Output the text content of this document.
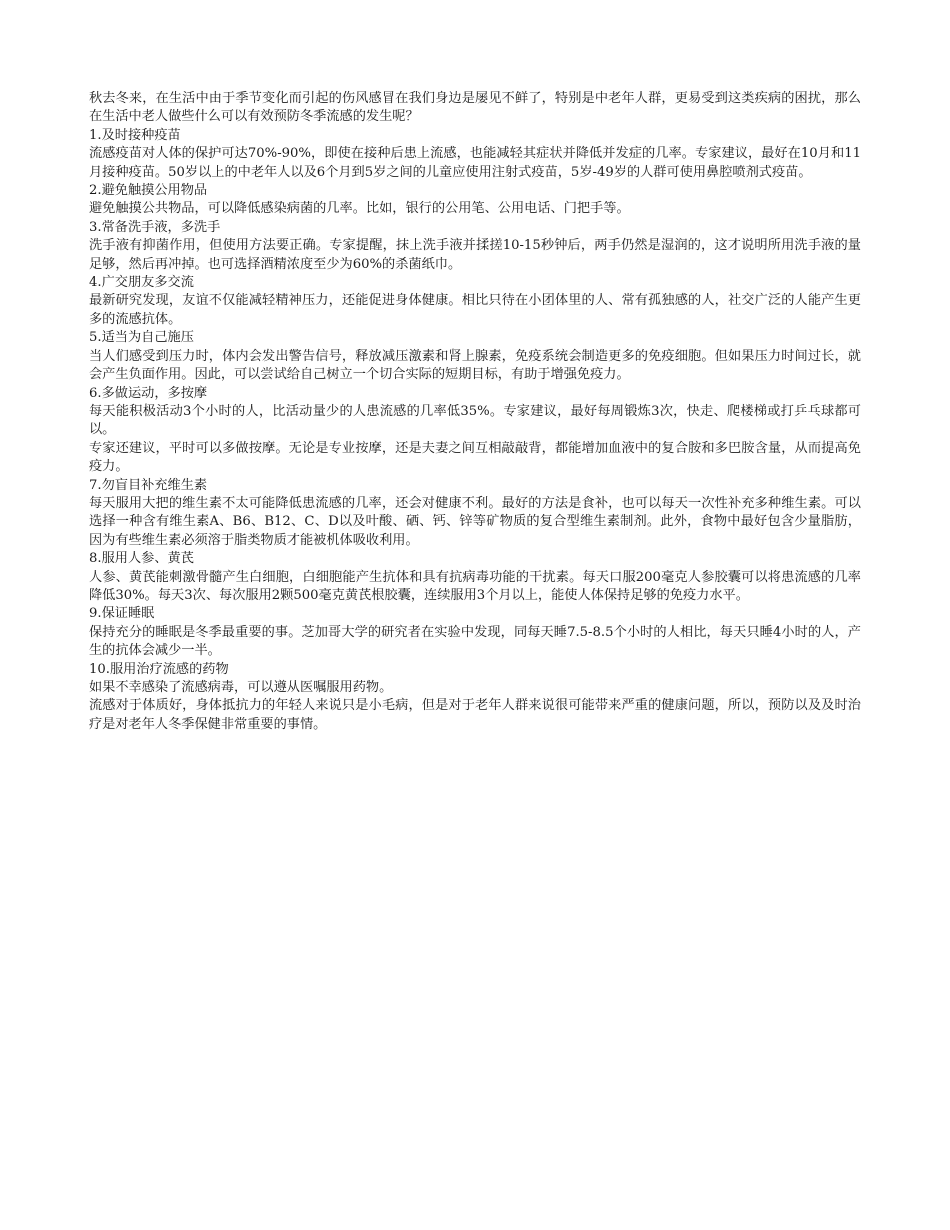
秋去冬来，在生活中由于季节变化而引起的伤风感冒在我们身边是屡见不鲜了，特别是中老年人群，更易受到这类疾病的困扰，那么在生活中老人做些什么可以有效预防冬季流感的发生呢？

1.及时接种疫苗

流感疫苗对人体的保护可达70%-90%，即使在接种后患上流感，也能减轻其症状并降低并发症的几率。专家建议，最好在10月和11月接种疫苗。50岁以上的中老年人以及6个月到5岁之间的儿童应使用注射式疫苗，5岁-49岁的人群可使用鼻腔喷剂式疫苗。

2.避免触摸公用物品

避免触摸公共物品，可以降低感染病菌的几率。比如，银行的公用笔、公用电话、门把手等。

3.常备洗手液，多洗手

洗手液有抑菌作用，但使用方法要正确。专家提醒，抹上洗手液并揉搓10-15秒钟后，两手仍然是湿润的，这才说明所用洗手液的量足够，然后再冲掉。也可选择酒精浓度至少为60%的杀菌纸巾。

4.广交朋友多交流

最新研究发现，友谊不仅能减轻精神压力，还能促进身体健康。相比只待在小团体里的人、常有孤独感的人，社交广泛的人能产生更多的流感抗体。

5.适当为自己施压

当人们感受到压力时，体内会发出警告信号，释放减压激素和肾上腺素，免疫系统会制造更多的免疫细胞。但如果压力时间过长，就会产生负面作用。因此，可以尝试给自己树立一个切合实际的短期目标，有助于增强免疫力。

6.多做运动，多按摩

每天能积极活动3个小时的人，比活动量少的人患流感的几率低35%。专家建议，最好每周锻炼3次，快走、爬楼梯或打乒乓球都可以。

专家还建议，平时可以多做按摩。无论是专业按摩，还是夫妻之间互相敲敲背，都能增加血液中的复合胺和多巴胺含量，从而提高免疫力。

7.勿盲目补充维生素

每天服用大把的维生素不太可能降低患流感的几率，还会对健康不利。最好的方法是食补，也可以每天一次性补充多种维生素。可以选择一种含有维生素A、B6、B12、C、D以及叶酸、硒、钙、锌等矿物质的复合型维生素制剂。此外，食物中最好包含少量脂肪，因为有些维生素必须溶于脂类物质才能被机体吸收利用。

8.服用人参、黄芪

人参、黄芪能刺激骨髓产生白细胞，白细胞能产生抗体和具有抗病毒功能的干扰素。每天口服200毫克人参胶囊可以将患流感的几率降低30%。每天3次、每次服用2颗500毫克黄芪根胶囊，连续服用3个月以上，能使人体保持足够的免疫力水平。

9.保证睡眠

保持充分的睡眠是冬季最重要的事。芝加哥大学的研究者在实验中发现，同每天睡7.5-8.5个小时的人相比，每天只睡4小时的人，产生的抗体会减少一半。

10.服用治疗流感的药物

如果不幸感染了流感病毒，可以遵从医嘱服用药物。

流感对于体质好，身体抵抗力的年轻人来说只是小毛病，但是对于老年人群来说很可能带来严重的健康问题，所以，预防以及及时治疗是对老年人冬季保健非常重要的事情。
